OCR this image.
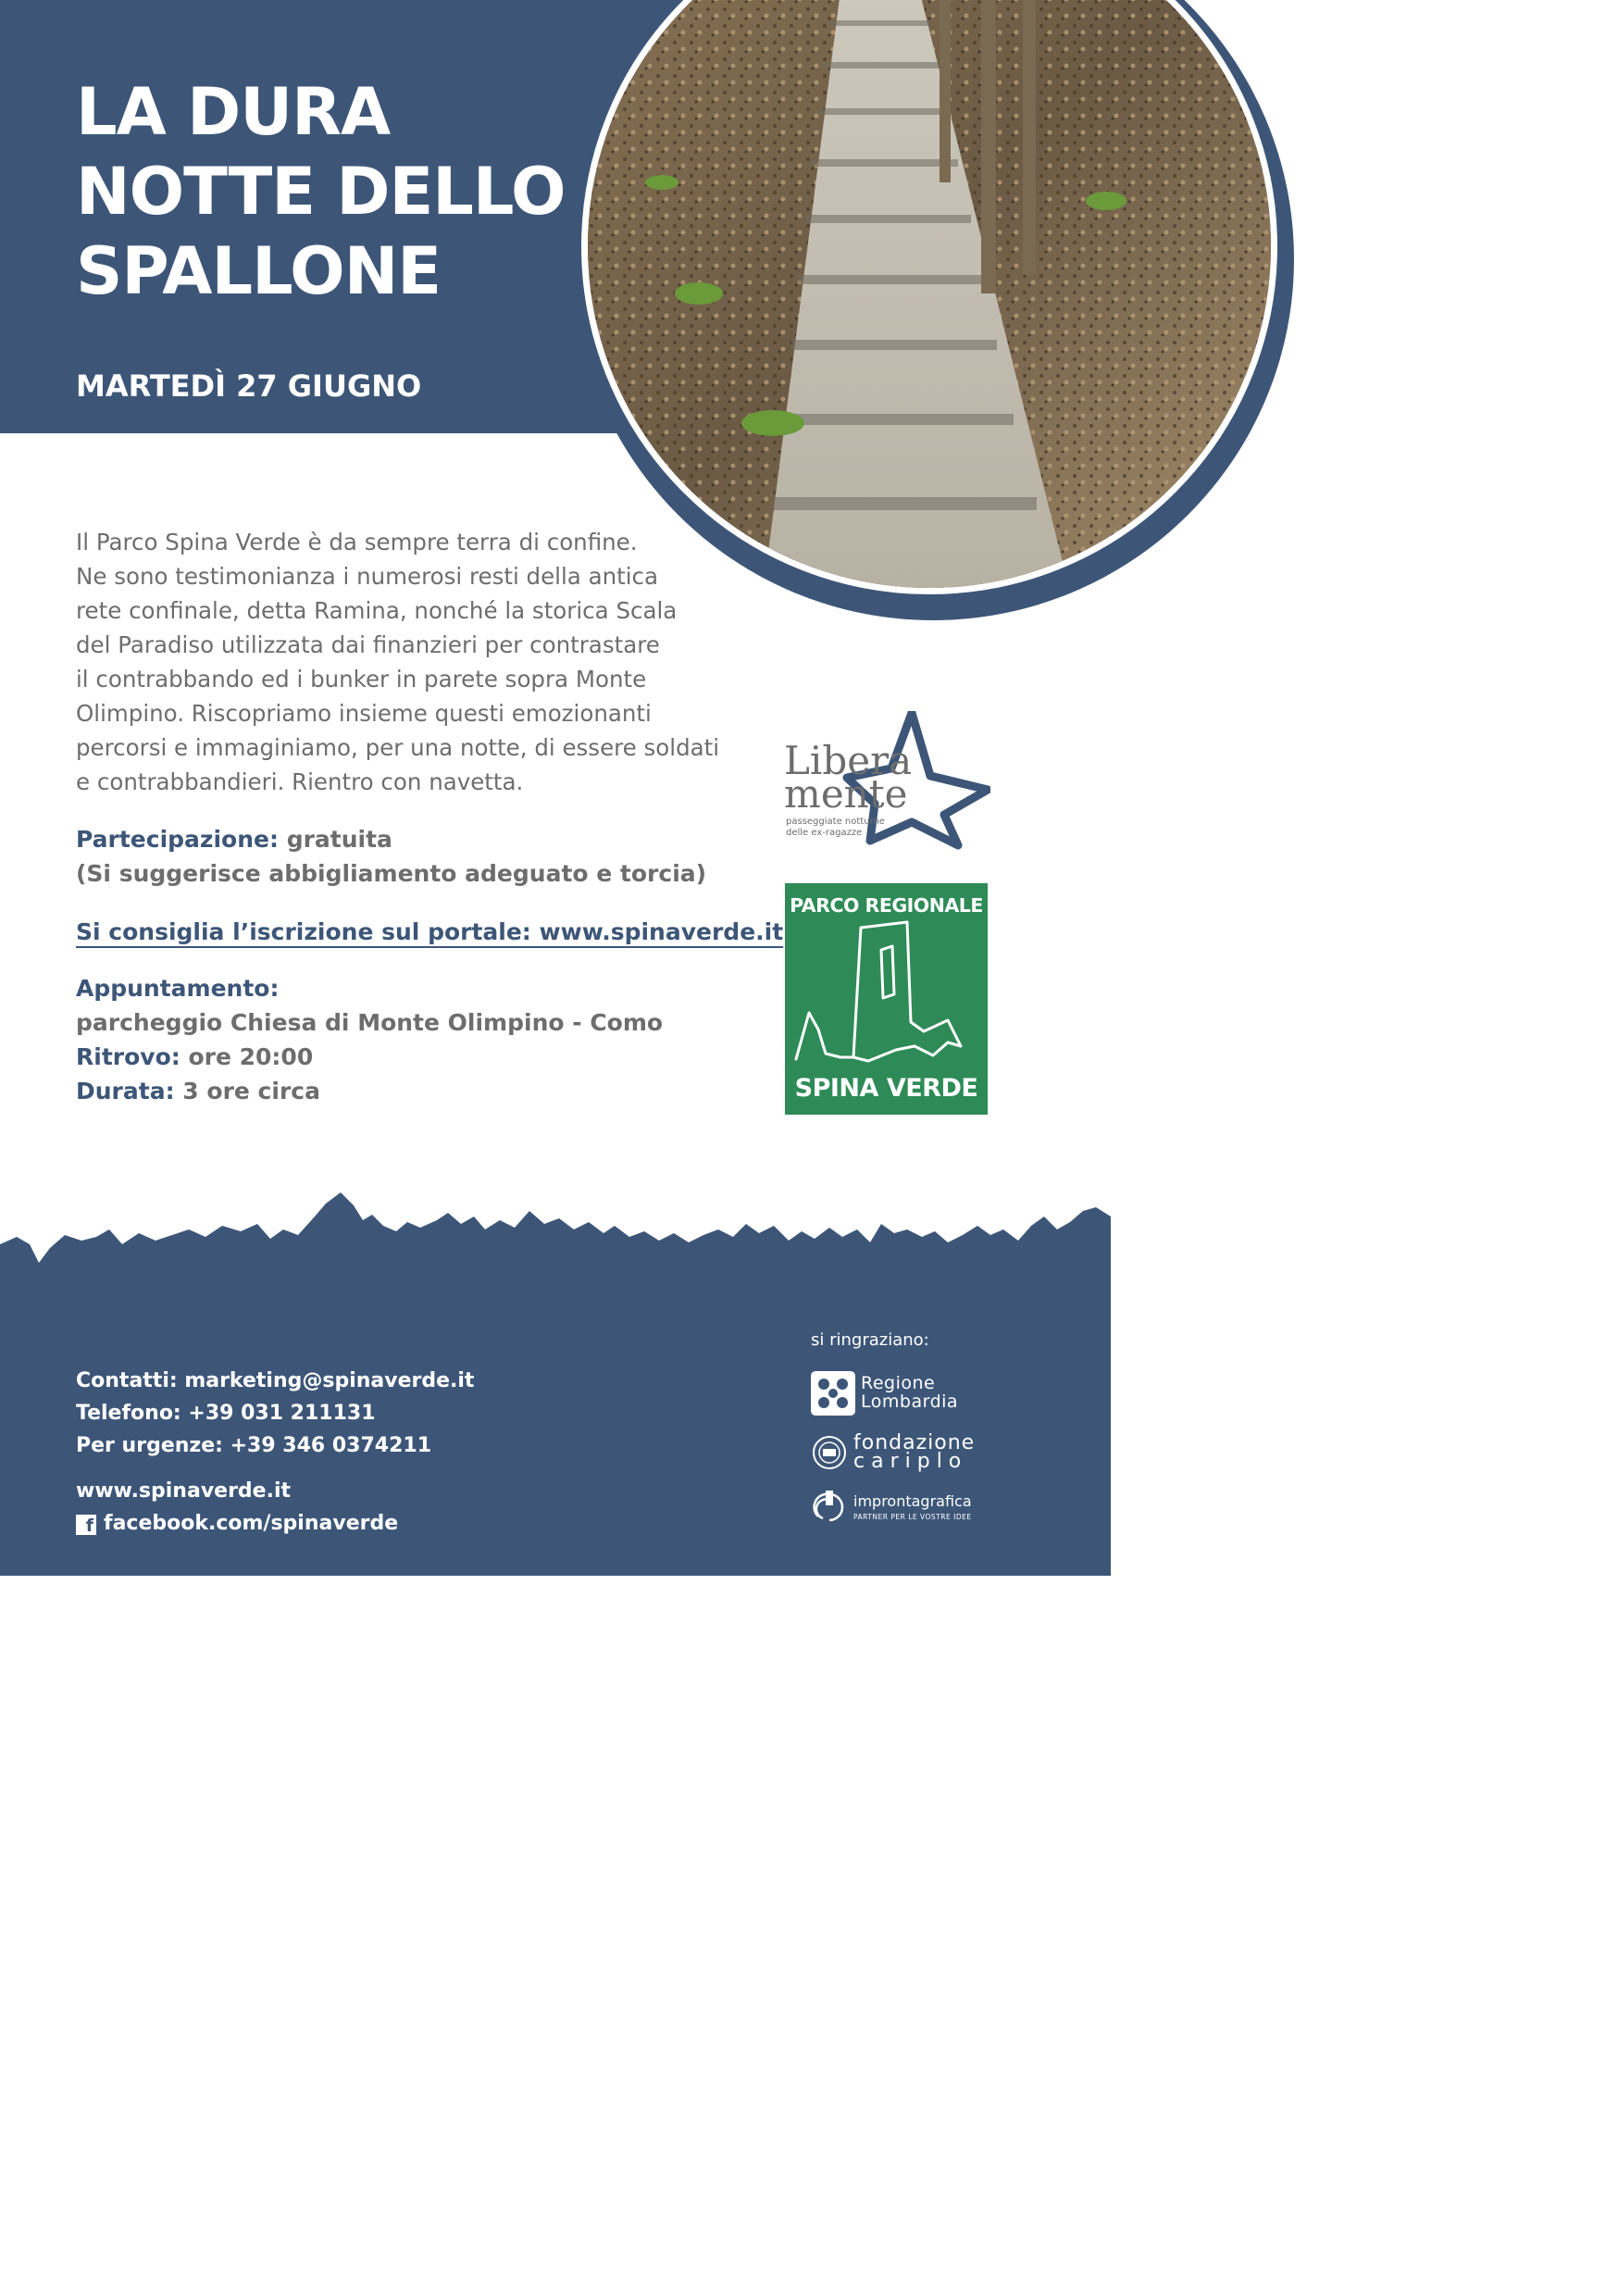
LA DURA
NOTTE DELLO
SPALLONE
MARTEDÌ 27 GIUGNO
Il Parco Spina Verde è da sempre terra di confine.
Ne sono testimonianza i numerosi resti della antica
rete confinale, detta Ramina, nonché la storica Scala
del Paradiso utilizzata dai finanzieri per contrastare
il contrabbando ed i bunker in parete sopra Monte
Olimpino. Riscopriamo insieme questi emozionanti
percorsi e immaginiamo, per una notte, di essere soldati
e contrabbandieri. Rientro con navetta.
Partecipazione: gratuita
(Si suggerisce abbigliamento adeguato e torcia)
Si consiglia l’iscrizione sul portale: www.spinaverde.it
Appuntamento:
parcheggio Chiesa di Monte Olimpino - Como
Ritrovo: ore 20:00
Durata: 3 ore circa
Libera
mente
passeggiate notturne
delle ex-ragazze
PARCO REGIONALE
SPINA VERDE
Contatti: marketing@spinaverde.it
Telefono: +39 031 211131
Per urgenze: +39 346 0374211
www.spinaverde.it
f facebook.com/spinaverde
si ringraziano:
Regione
Lombardia
fondazione
cariplo
improntagrafica
PARTNER PER LE VOSTRE IDEE
